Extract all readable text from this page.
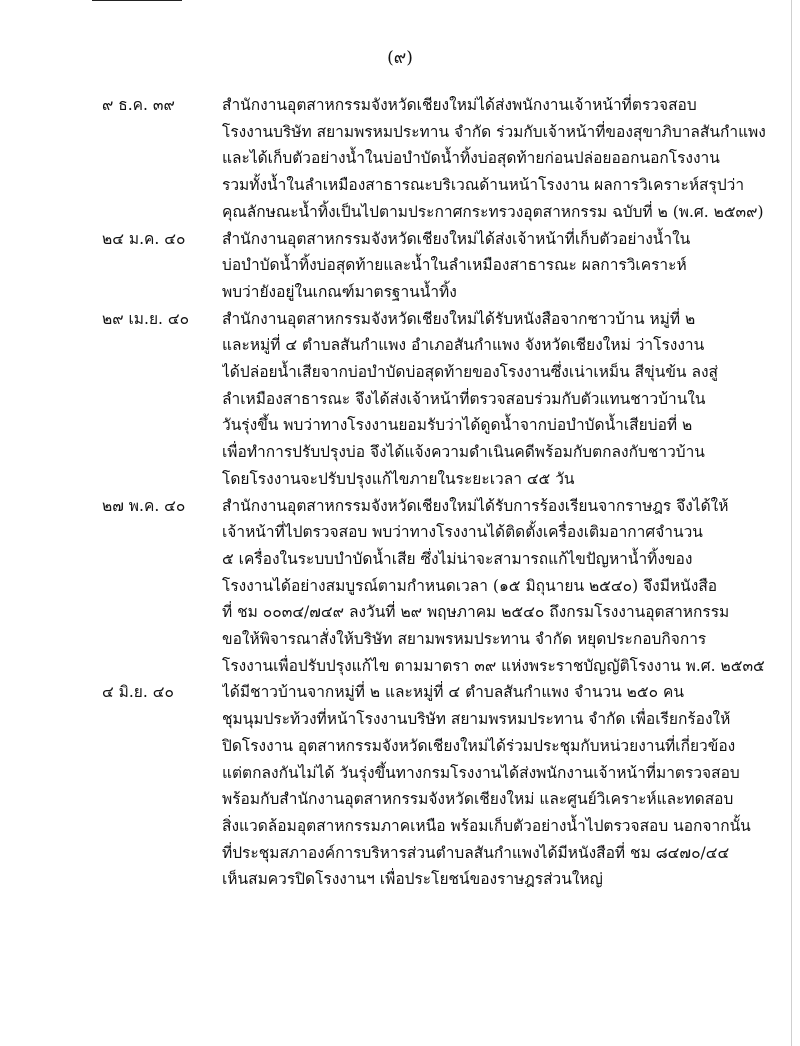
(๙)
๙ ธ.ค. ๓๙	สำนักงานอุตสาหกรรมจังหวัดเชียงใหม่ได้ส่งพนักงานเจ้าหน้าที่ตรวจสอบ
โรงงานบริษัท สยามพรหมประทาน จำกัด ร่วมกับเจ้าหน้าที่ของสุขาภิบาลสันกำแพง
และได้เก็บตัวอย่างน้ำในบ่อบำบัดน้ำทิ้งบ่อสุดท้ายก่อนปล่อยออกนอกโรงงาน
รวมทั้งน้ำในลำเหมืองสาธารณะบริเวณด้านหน้าโรงงาน ผลการวิเคราะห์สรุปว่า
คุณลักษณะน้ำทิ้งเป็นไปตามประกาศกระทรวงอุตสาหกรรม ฉบับที่ ๒ (พ.ศ. ๒๕๓๙)
๒๔ ม.ค. ๔๐	สำนักงานอุตสาหกรรมจังหวัดเชียงใหม่ได้ส่งเจ้าหน้าที่เก็บตัวอย่างน้ำใน
บ่อบำบัดน้ำทิ้งบ่อสุดท้ายและน้ำในลำเหมืองสาธารณะ ผลการวิเคราะห์
พบว่ายังอยู่ในเกณฑ์มาตรฐานน้ำทิ้ง
๒๙ เม.ย. ๔๐	สำนักงานอุตสาหกรรมจังหวัดเชียงใหม่ได้รับหนังสือจากชาวบ้าน หมู่ที่ ๒
และหมู่ที่ ๔ ตำบลสันกำแพง อำเภอสันกำแพง จังหวัดเชียงใหม่ ว่าโรงงาน
ได้ปล่อยน้ำเสียจากบ่อบำบัดบ่อสุดท้ายของโรงงานซึ่งเน่าเหม็น สีขุ่นข้น ลงสู่
ลำเหมืองสาธารณะ จึงได้ส่งเจ้าหน้าที่ตรวจสอบร่วมกับตัวแทนชาวบ้านใน
วันรุ่งขึ้น พบว่าทางโรงงานยอมรับว่าได้ดูดน้ำจากบ่อบำบัดน้ำเสียบ่อที่ ๒
เพื่อทำการปรับปรุงบ่อ จึงได้แจ้งความดำเนินคดีพร้อมกับตกลงกับชาวบ้าน
โดยโรงงานจะปรับปรุงแก้ไขภายในระยะเวลา ๔๕ วัน
๒๗ พ.ค. ๔๐	สำนักงานอุตสาหกรรมจังหวัดเชียงใหม่ได้รับการร้องเรียนจากราษฎร จึงได้ให้
เจ้าหน้าที่ไปตรวจสอบ พบว่าทางโรงงานได้ติดตั้งเครื่องเติมอากาศจำนวน
๕ เครื่องในระบบบำบัดน้ำเสีย ซึ่งไม่น่าจะสามารถแก้ไขปัญหาน้ำทิ้งของ
โรงงานได้อย่างสมบูรณ์ตามกำหนดเวลา (๑๕ มิถุนายน ๒๕๔๐) จึงมีหนังสือ
ที่ ชม ๐๐๓๔/๗๔๙ ลงวันที่ ๒๙ พฤษภาคม ๒๕๔๐ ถึงกรมโรงงานอุตสาหกรรม
ขอให้พิจารณาสั่งให้บริษัท สยามพรหมประทาน จำกัด หยุดประกอบกิจการ
โรงงานเพื่อปรับปรุงแก้ไข ตามมาตรา ๓๙ แห่งพระราชบัญญัติโรงงาน พ.ศ. ๒๕๓๕
๔ มิ.ย. ๔๐	ได้มีชาวบ้านจากหมู่ที่ ๒ และหมู่ที่ ๔ ตำบลสันกำแพง จำนวน ๒๕๐ คน
ชุมนุมประท้วงที่หน้าโรงงานบริษัท สยามพรหมประทาน จำกัด เพื่อเรียกร้องให้
ปิดโรงงาน อุตสาหกรรมจังหวัดเชียงใหม่ได้ร่วมประชุมกับหน่วยงานที่เกี่ยวข้อง
แต่ตกลงกันไม่ได้ วันรุ่งขึ้นทางกรมโรงงานได้ส่งพนักงานเจ้าหน้าที่มาตรวจสอบ
พร้อมกับสำนักงานอุตสาหกรรมจังหวัดเชียงใหม่ และศูนย์วิเคราะห์และทดสอบ
สิ่งแวดล้อมอุตสาหกรรมภาคเหนือ พร้อมเก็บตัวอย่างน้ำไปตรวจสอบ นอกจากนั้น
ที่ประชุมสภาองค์การบริหารส่วนตำบลสันกำแพงได้มีหนังสือที่ ชม ๘๔๗๐/๔๔
เห็นสมควรปิดโรงงานฯ เพื่อประโยชน์ของราษฎรส่วนใหญ่
